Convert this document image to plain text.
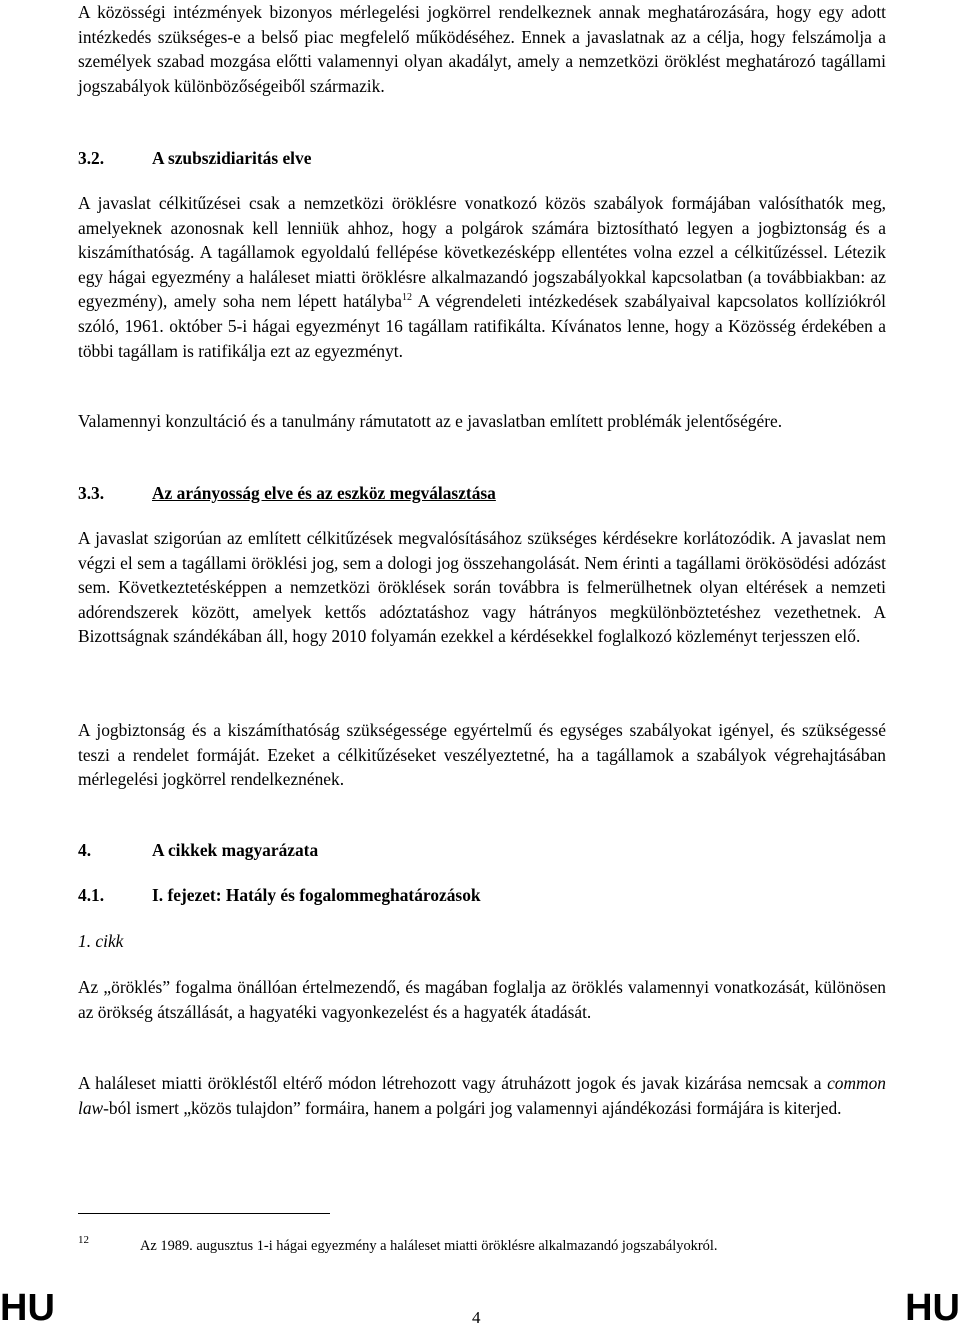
A közösségi intézmények bizonyos mérlegelési jogkörrel rendelkeznek annak meghatározására, hogy egy adott intézkedés szükséges-e a belső piac megfelelő működéséhez. Ennek a javaslatnak az a célja, hogy felszámolja a személyek szabad mozgása előtti valamennyi olyan akadályt, amely a nemzetközi öröklést meghatározó tagállami jogszabályok különbözőségeiből származik.

3.2.	A szubszidiaritás elve

A javaslat célkitűzései csak a nemzetközi öröklésre vonatkozó közös szabályok formájában valósíthatók meg, amelyeknek azonosnak kell lenniük ahhoz, hogy a polgárok számára biztosítható legyen a jogbiztonság és a kiszámíthatóság. A tagállamok egyoldalú fellépése következésképp ellentétes volna ezzel a célkitűzéssel. Létezik egy hágai egyezmény a haláleset miatti öröklésre alkalmazandó jogszabályokkal kapcsolatban (a továbbiakban: az egyezmény), amely soha nem lépett hatályba$^{12}$ A végrendeleti intézkedések szabályaival kapcsolatos kollíziókról szóló, 1961. október 5-i hágai egyezményt 16 tagállam ratifikálta. Kívánatos lenne, hogy a Közösség érdekében a többi tagállam is ratifikálja ezt az egyezményt.

Valamennyi konzultáció és a tanulmány rámutatott az e javaslatban említett problémák jelentőségére.

3.3.	Az arányosság elve és az eszköz megválasztása

A javaslat szigorúan az említett célkitűzések megvalósításához szükséges kérdésekre korlátozódik. A javaslat nem végzi el sem a tagállami öröklési jog, sem a dologi jog összehangolását. Nem érinti a tagállami örökösödési adózást sem. Következtetésképpen a nemzetközi öröklések során továbbra is felmerülhetnek olyan eltérések a nemzeti adórendszerek között, amelyek kettős adóztatáshoz vagy hátrányos megkülönböztetéshez vezethetnek. A Bizottságnak szándékában áll, hogy 2010 folyamán ezekkel a kérdésekkel foglalkozó közleményt terjesszen elő.

A jogbiztonság és a kiszámíthatóság szükségessége egyértelmű és egységes szabályokat igényel, és szükségessé teszi a rendelet formáját. Ezeket a célkitűzéseket veszélyeztetné, ha a tagállamok a szabályok végrehajtásában mérlegelési jogkörrel rendelkeznének.

4.	A cikkek magyarázata
4.1.	I. fejezet: Hatály és fogalommeghatározások
1. cikk

Az „öröklés” fogalma önállóan értelmezendő, és magában foglalja az öröklés valamennyi vonatkozását, különösen az örökség átszállását, a hagyatéki vagyonkezelést és a hagyaték átadását.

A haláleset miatti örökléstől eltérő módon létrehozott vagy átruházott jogok és javak kizárása nemcsak a common law-ból ismert „közös tulajdon” formáira, hanem a polgári jog valamennyi ajándékozási formájára is kiterjed.

12	Az 1989. augusztus 1-i hágai egyezmény a haláleset miatti öröklésre alkalmazandó jogszabályokról.
HU	4	HU
